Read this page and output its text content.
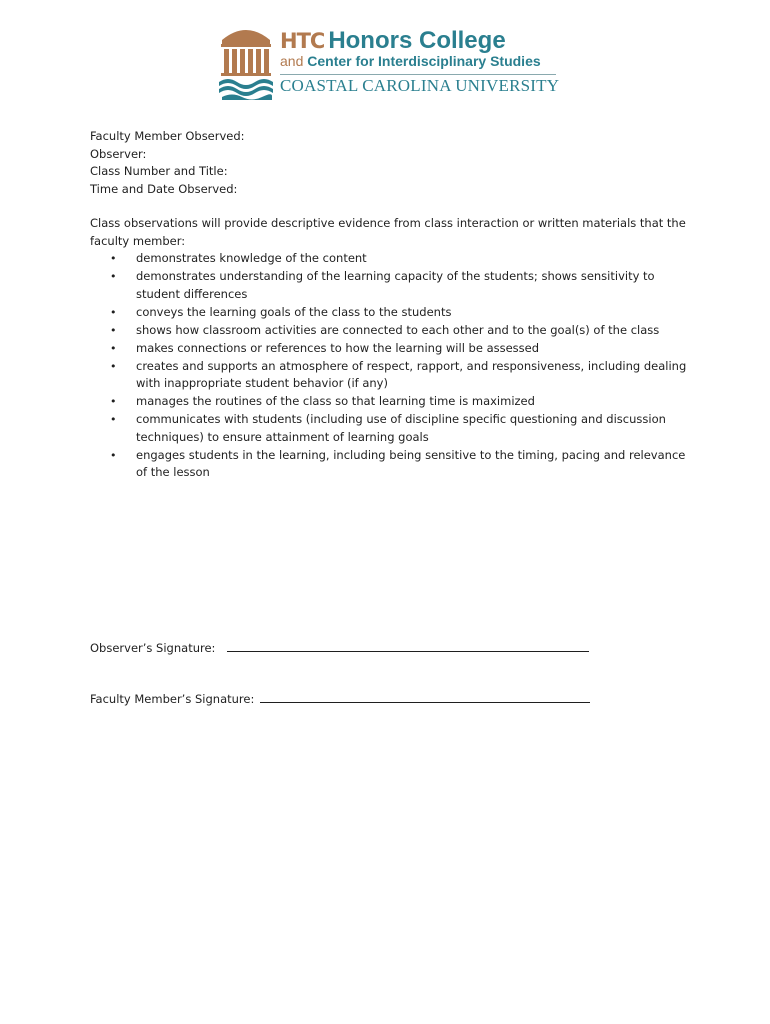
HTC Honors College
and Center for Interdisciplinary Studies
COASTAL CAROLINA UNIVERSITY

Faculty Member Observed:

Observer:

Class Number and Title:

Time and Date Observed:

Class observations will provide descriptive evidence from class interaction or written materials that the faculty member:

• demonstrates knowledge of the content
• demonstrates understanding of the learning capacity of the students; shows sensitivity to student differences
• conveys the learning goals of the class to the students
• shows how classroom activities are connected to each other and to the goal(s) of the class
• makes connections or references to how the learning will be assessed
• creates and supports an atmosphere of respect, rapport, and responsiveness, including dealing with inappropriate student behavior (if any)
• manages the routines of the class so that learning time is maximized
• communicates with students (including use of discipline specific questioning and discussion techniques) to ensure attainment of learning goals
• engages students in the learning, including being sensitive to the timing, pacing and relevance of the lesson
Observer’s Signature:
Faculty Member’s Signature:
